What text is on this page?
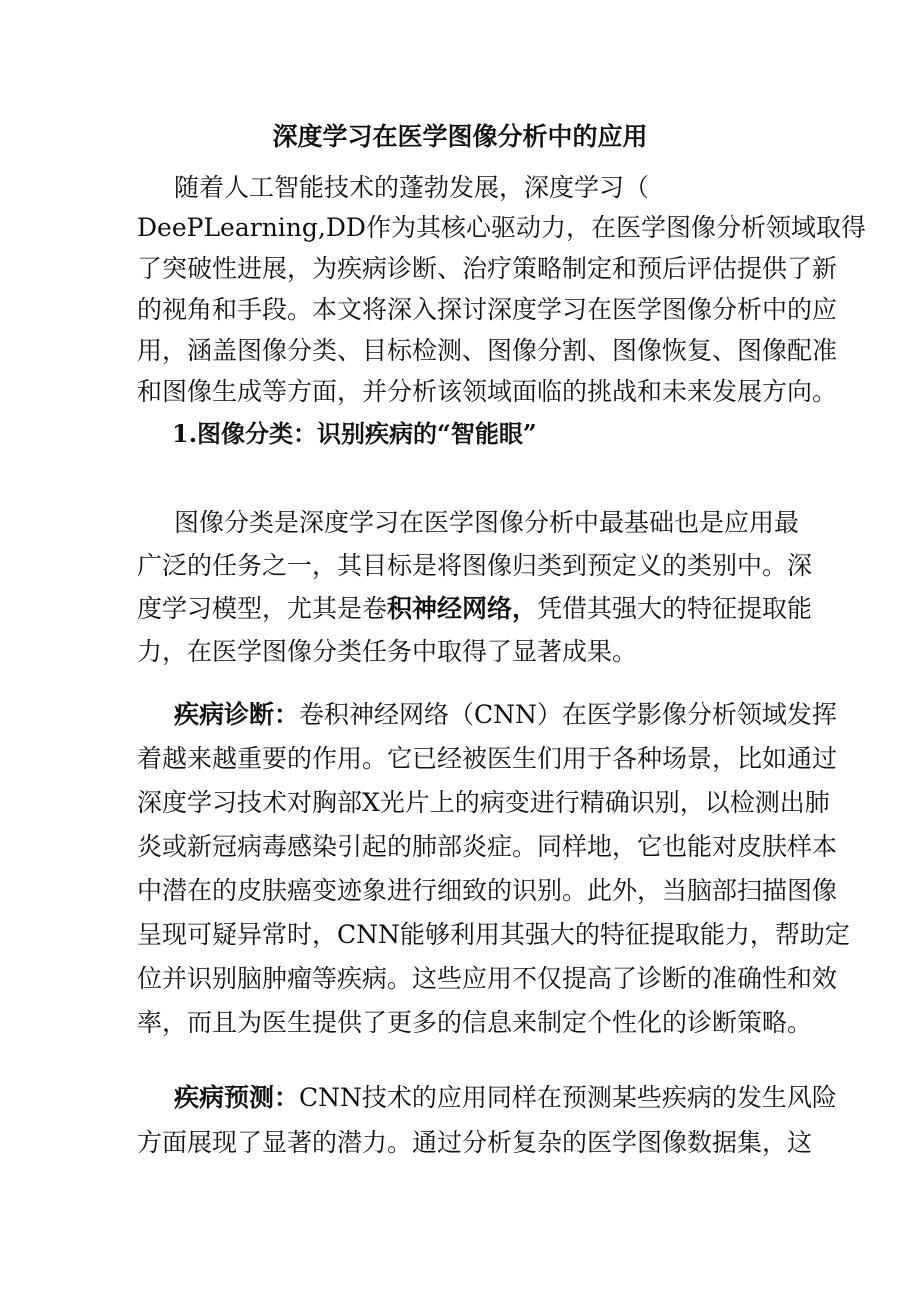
深度学习在医学图像分析中的应用
随着人工智能技术的蓬勃发展，深度学习（
DeePLearning,DD作为其核心驱动力，在医学图像分析领域取得
了突破性进展，为疾病诊断、治疗策略制定和预后评估提供了新
的视角和手段。本文将深入探讨深度学习在医学图像分析中的应
用，涵盖图像分类、目标检测、图像分割、图像恢复、图像配准
和图像生成等方面，并分析该领域面临的挑战和未来发展方向。
1.图像分类：识别疾病的“智能眼”
图像分类是深度学习在医学图像分析中最基础也是应用最
广泛的任务之一，其目标是将图像归类到预定义的类别中。深
度学习模型，尤其是卷积神经网络，凭借其强大的特征提取能
力，在医学图像分类任务中取得了显著成果。
疾病诊断：卷积神经网络（CNN）在医学影像分析领域发挥
着越来越重要的作用。它已经被医生们用于各种场景，比如通过
深度学习技术对胸部X光片上的病变进行精确识别，以检测出肺
炎或新冠病毒感染引起的肺部炎症。同样地，它也能对皮肤样本
中潜在的皮肤癌变迹象进行细致的识别。此外，当脑部扫描图像
呈现可疑异常时，CNN能够利用其强大的特征提取能力，帮助定
位并识别脑肿瘤等疾病。这些应用不仅提高了诊断的准确性和效
率，而且为医生提供了更多的信息来制定个性化的诊断策略。
疾病预测：CNN技术的应用同样在预测某些疾病的发生风险
方面展现了显著的潜力。通过分析复杂的医学图像数据集，这
